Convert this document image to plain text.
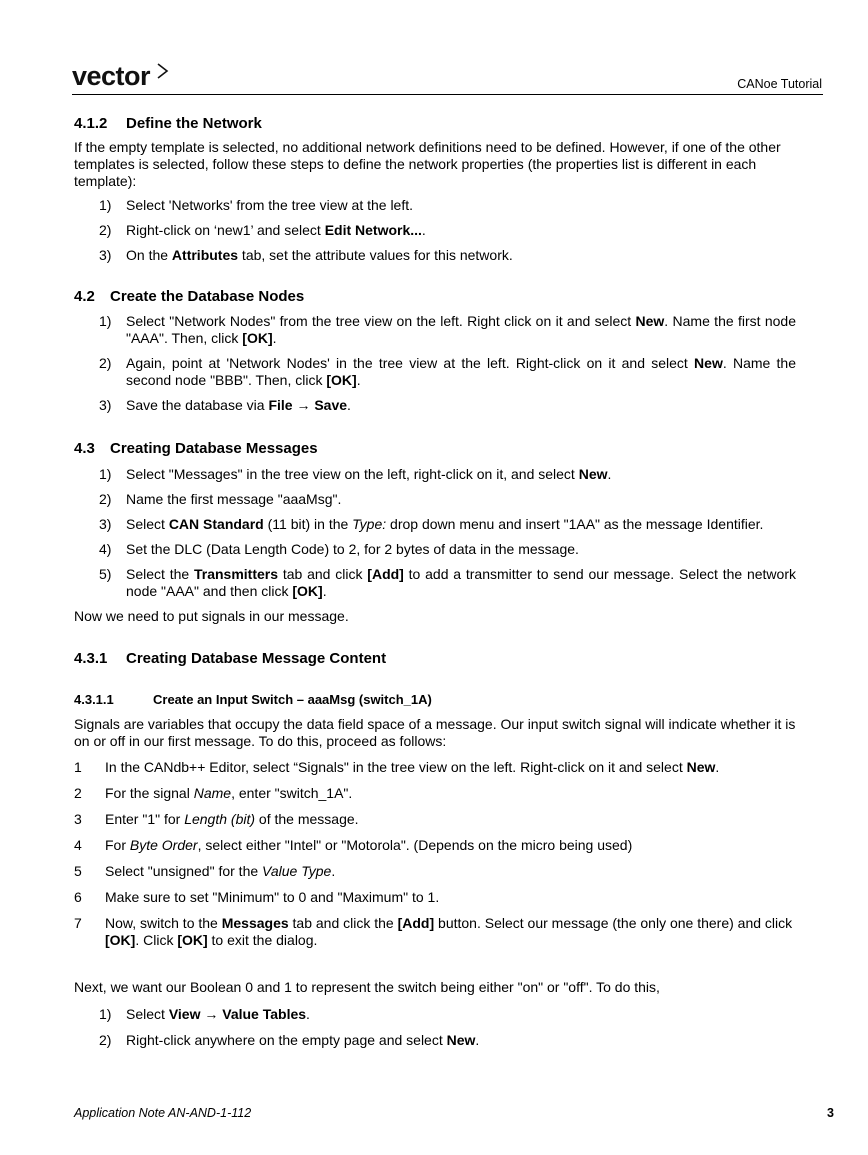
vector	CANoe Tutorial
4.1.2 Define the Network

If the empty template is selected, no additional network definitions need to be defined. However, if one of the other templates is selected, follow these steps to define the network properties (the properties list is different in each template):

1) Select 'Networks' from the tree view at the left.
2) Right-click on ‘new1’ and select Edit Network....
3) On the Attributes tab, set the attribute values for this network.
4.2 Create the Database Nodes
1) Select "Network Nodes" from the tree view on the left. Right click on it and select New. Name the first node "AAA". Then, click [OK].
2) Again, point at 'Network Nodes' in the tree view at the left. Right-click on it and select New. Name the second node "BBB". Then, click [OK].
3) Save the database via File → Save.
4.3 Creating Database Messages
1) Select "Messages" in the tree view on the left, right-click on it, and select New.
2) Name the first message "aaaMsg".
3) Select CAN Standard (11 bit) in the Type: drop down menu and insert "1AA" as the message Identifier.
4) Set the DLC (Data Length Code) to 2, for 2 bytes of data in the message.
5) Select the Transmitters tab and click [Add] to add a transmitter to send our message. Select the network node "AAA" and then click [OK].

Now we need to put signals in our message.

4.3.1 Creating Database Message Content
4.3.1.1	Create an Input Switch – aaaMsg (switch_1A)

Signals are variables that occupy the data field space of a message. Our input switch signal will indicate whether it is on or off in our first message. To do this, proceed as follows:

1 In the CANdb++ Editor, select “Signals" in the tree view on the left. Right-click on it and select New.
2 For the signal Name, enter "switch_1A".
3 Enter "1" for Length (bit) of the message.
4 For Byte Order, select either "Intel" or "Motorola". (Depends on the micro being used)
5 Select "unsigned" for the Value Type.
6 Make sure to set "Minimum" to 0 and "Maximum" to 1.
7 Now, switch to the Messages tab and click the [Add] button. Select our message (the only one there) and click [OK]. Click [OK] to exit the dialog.

Next, we want our Boolean 0 and 1 to represent the switch being either "on" or "off". To do this,

1) Select View → Value Tables.
2) Right-click anywhere on the empty page and select New.
Application Note AN-AND-1-112	3
